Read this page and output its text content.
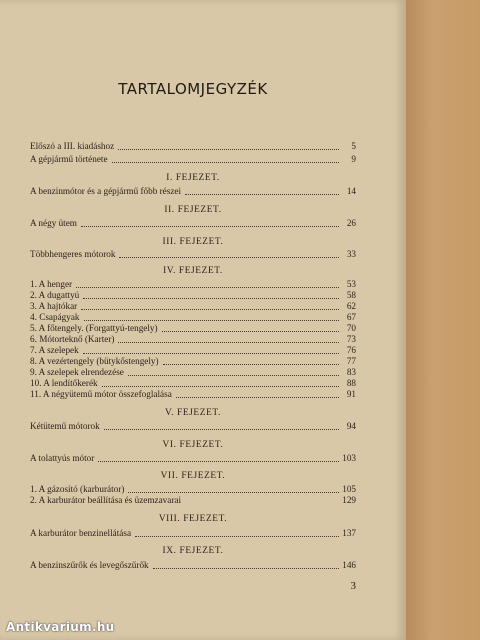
TARTALOMJEGYZÉK
Előszó a III. kiadáshoz	5
A gépjármű története	9
I. FEJEZET.
A benzinmótor és a gépjármű főbb részei	14
II. FEJEZET.
A négy ütem	26
III. FEJEZET.
Többhengeres mótorok	33
IV. FEJEZET.
1. A henger	53
2. A dugattyú	58
3. A hajtókar	62
4. Csapágyak	67
5. A főtengely. (Forgattyú-tengely)	70
6. Mótorteknő (Karter)	73
7. A szelepek	76
8. A vezértengely (bütykőstengely)	77
9. A szelepek elrendezése	83
10. A lendítőkerék	88
11. A négyütemű mótor összefoglalása	91
V. FEJEZET.
Kétütemű mótorok	94
VI. FEJEZET.
A tolattyús mótor	103
VII. FEJEZET.
1. A gázosító (karburátor)	105
2. A karburátor beállítása és üzemzavarai	129
VIII. FEJEZET.
A karburátor benzinellátása	137
IX. FEJEZET.
A benzinszűrők és levegőszűrők	146
3
Antikvarium.hu
